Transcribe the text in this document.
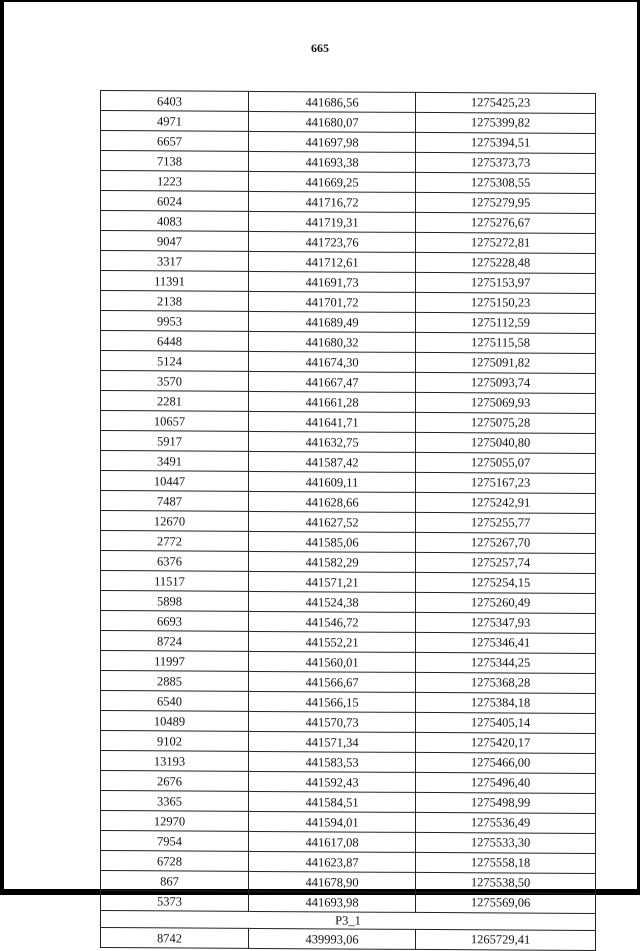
665
6403	441686,56	1275425,23
4971	441680,07	1275399,82
6657	441697,98	1275394,51
7138	441693,38	1275373,73
1223	441669,25	1275308,55
6024	441716,72	1275279,95
4083	441719,31	1275276,67
9047	441723,76	1275272,81
3317	441712,61	1275228,48
11391	441691,73	1275153,97
2138	441701,72	1275150,23
9953	441689,49	1275112,59
6448	441680,32	1275115,58
5124	441674,30	1275091,82
3570	441667,47	1275093,74
2281	441661,28	1275069,93
10657	441641,71	1275075,28
5917	441632,75	1275040,80
3491	441587,42	1275055,07
10447	441609,11	1275167,23
7487	441628,66	1275242,91
12670	441627,52	1275255,77
2772	441585,06	1275267,70
6376	441582,29	1275257,74
11517	441571,21	1275254,15
5898	441524,38	1275260,49
6693	441546,72	1275347,93
8724	441552,21	1275346,41
11997	441560,01	1275344,25
2885	441566,67	1275368,28
6540	441566,15	1275384,18
10489	441570,73	1275405,14
9102	441571,34	1275420,17
13193	441583,53	1275466,00
2676	441592,43	1275496,40
3365	441584,51	1275498,99
12970	441594,01	1275536,49
7954	441617,08	1275533,30
6728	441623,87	1275558,18
867	441678,90	1275538,50
5373	441693,98	1275569,06
P3_1		
8742	439993,06	1265729,41
